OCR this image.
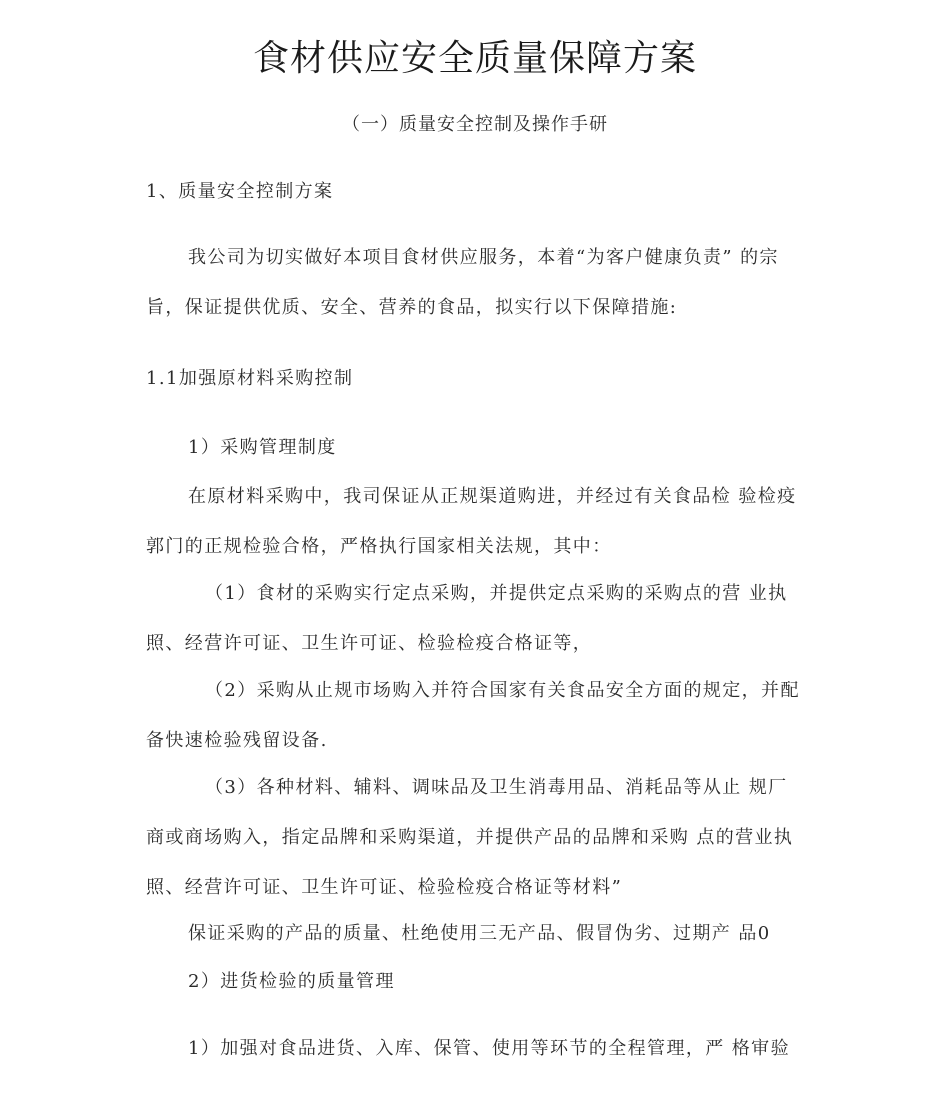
食材供应安全质量保障方案
（一）质量安全控制及操作手研
1、质量安全控制方案
我公司为切实做好本项目食材供应服务，本着“为客户健康负责” 的宗
旨，保证提供优质、安全、营养的食品，拟实行以下保障措施:
1.1加强原材料采购控制
1）采购管理制度
在原材料采购中，我司保证从正规渠道购进，并经过有关食品检 验检疫
郭门的正规检验合格，严格执行国家相关法规，其中：
（1）食材的采购实行定点采购，并提供定点采购的采购点的营 业执
照、经营许可证、卫生许可证、检验检疫合格证等，
（2）采购从止规市场购入并符合国家有关食品安全方面的规定，并配
备快速检验残留设备.
（3）各种材料、辅料、调味品及卫生消毒用品、消耗品等从止 规厂
商或商场购入，指定品牌和采购渠道，并提供产品的品牌和采购 点的营业执
照、经营许可证、卫生许可证、检验检疫合格证等材料”
保证采购的产品的质量、杜绝使用三无产品、假冒伪劣、过期产 品0
2）进货检验的质量管理
1）加强对食品进货、入库、保管、使用等环节的全程管理，严 格审验
